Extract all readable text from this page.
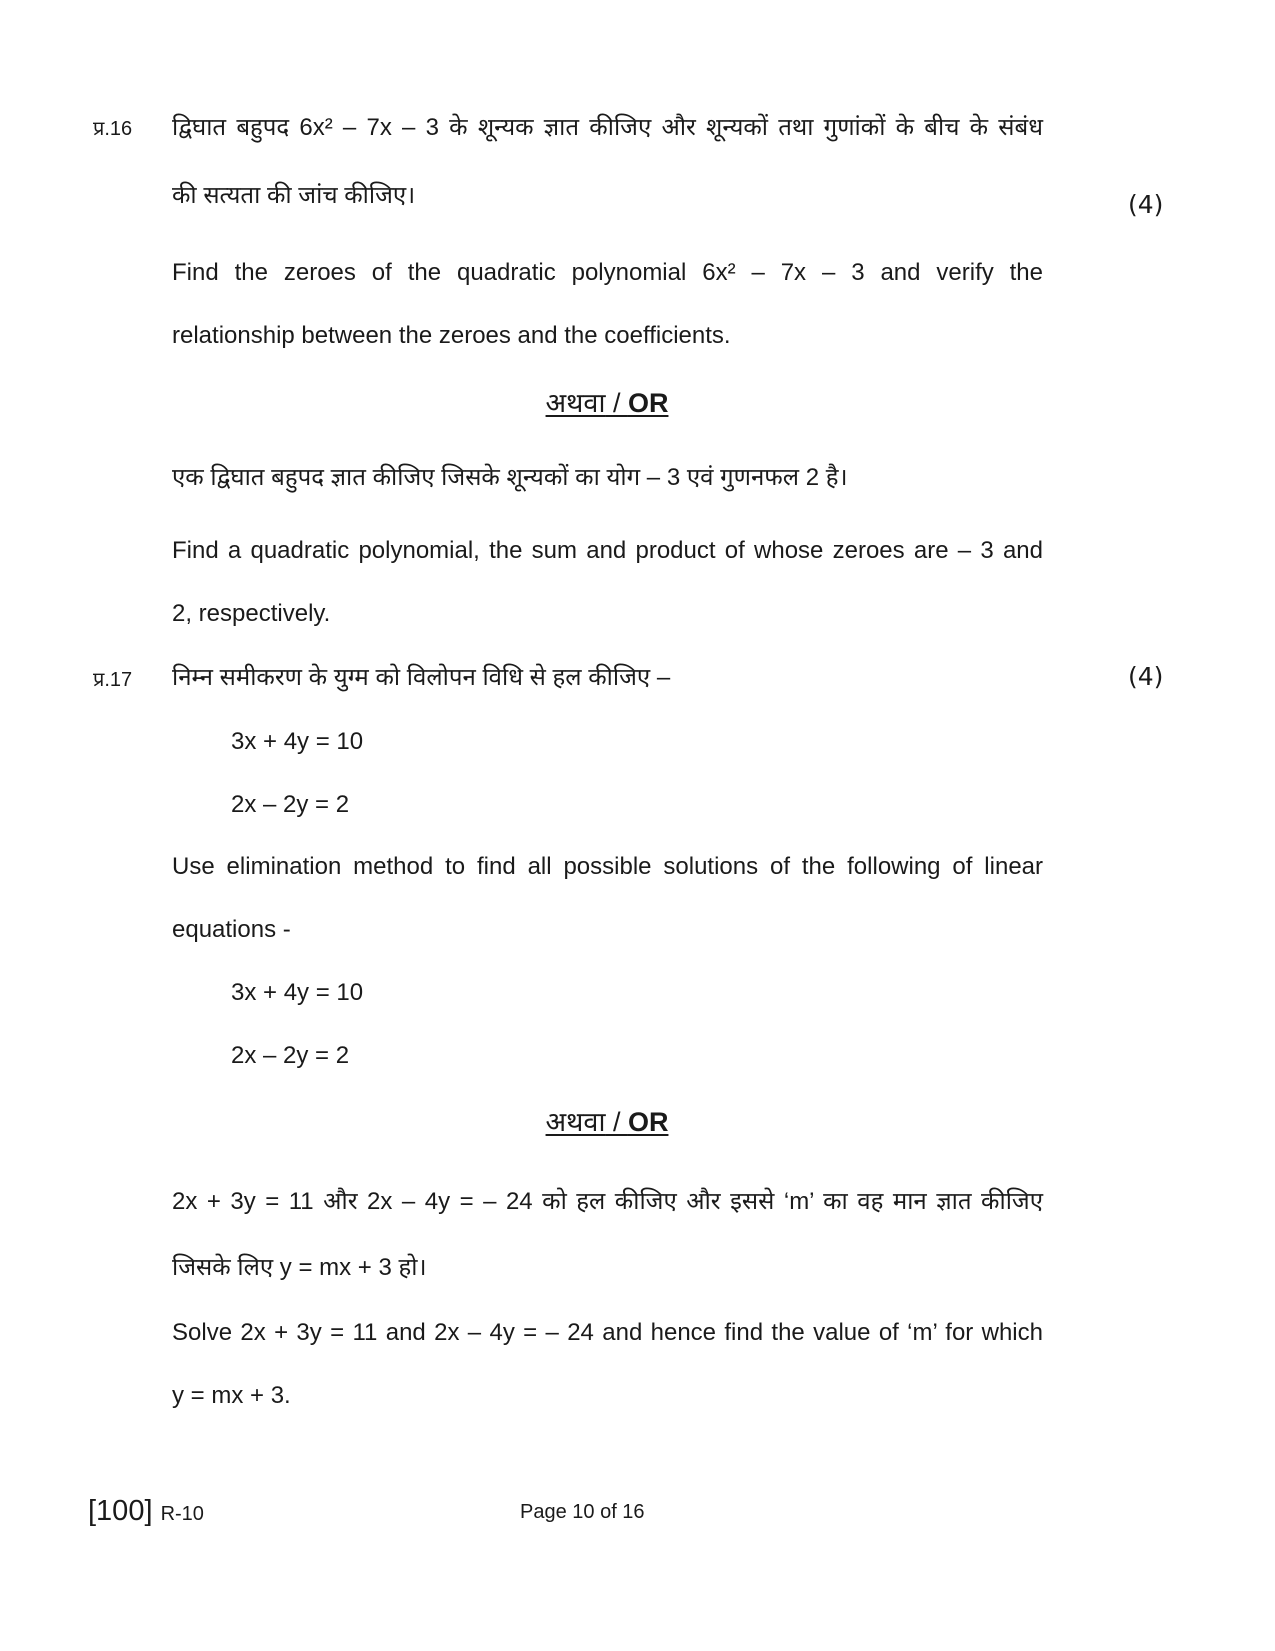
प्र.16 द्विघात बहुपद 6x² – 7x – 3 के शून्यक ज्ञात कीजिए और शून्यकों तथा गुणांकों के बीच के संबंध
की सत्यता की जांच कीजिए।	(4)
Find the zeroes of the quadratic polynomial 6x² – 7x – 3 and verify the
relationship between the zeroes and the coefficients.
अथवा / OR
एक द्विघात बहुपद ज्ञात कीजिए जिसके शून्यकों का योग – 3 एवं गुणनफल 2 है।
Find a quadratic polynomial, the sum and product of whose zeroes are – 3 and
2, respectively.
प्र.17 निम्न समीकरण के युग्म को विलोपन विधि से हल कीजिए –	(4)
3x + 4y = 10
2x – 2y = 2
Use elimination method to find all possible solutions of the following of linear
equations -
3x + 4y = 10
2x – 2y = 2
अथवा / OR
2x + 3y = 11 और 2x – 4y = – 24 को हल कीजिए और इससे ‘m’ का वह मान ज्ञात कीजिए
जिसके लिए y = mx + 3 हो।
Solve 2x + 3y = 11 and 2x – 4y = – 24 and hence find the value of ‘m’ for which
y = mx + 3.
[100] R-10	Page 10 of 16
